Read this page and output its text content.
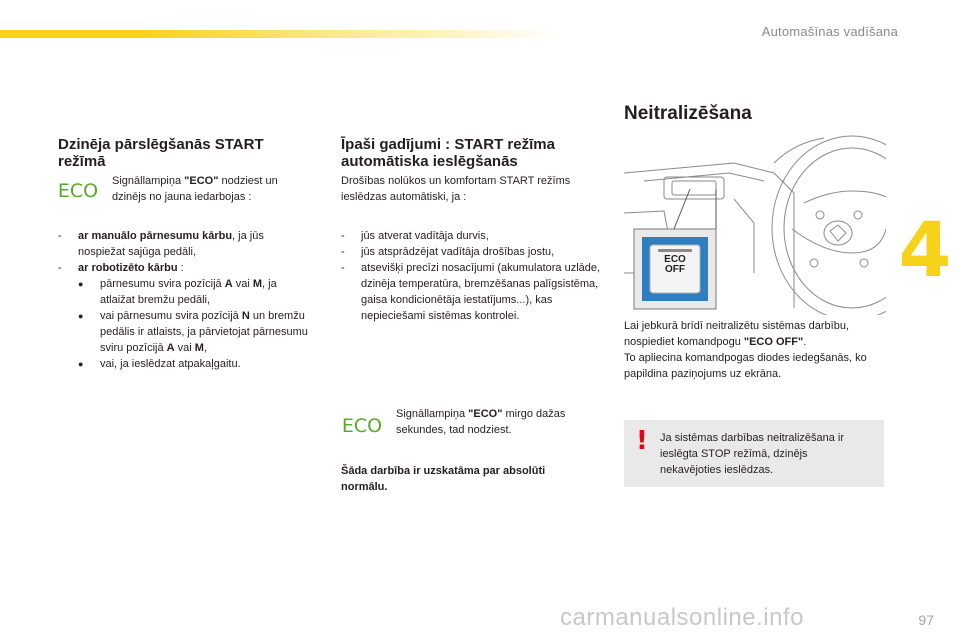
Automašīnas vadīšana
4
Dzinēja pārslēgšanās START režīmā
ECO Signāllampiņa "ECO" nodziest un dzinējs no jauna iedarbojas :
- ar manuālo pārnesumu kārbu, ja jūs nospiežat sajūga pedāli,
- ar robotizēto kārbu :
● pārnesumu svira pozīcijā A vai M, ja atlaižat bremžu pedāli,
● vai pārnesumu svira pozīcijā N un bremžu pedālis ir atlaists, ja pārvietojat pārnesumu sviru pozīcijā A vai M,
● vai, ja ieslēdzat atpakaļgaitu.
Īpaši gadījumi : START režīma automātiska ieslēgšanās
Drošības nolūkos un komfortam START režīms ieslēdzas automātiski, ja :
- jūs atverat vadītāja durvis,
- jūs atsprādzējat vadītāja drošības jostu,
- atsevišķi precīzi nosacījumi (akumulatora uzlāde, dzinēja temperatūra, bremzēšanas palīgsistēma, gaisa kondicionētāja iestatījums...), kas nepieciešami sistēmas kontrolei.
ECO
Signāllampiņa "ECO" mirgo dažas sekundes, tad nodziest.
Šāda darbība ir uzskatāma par absolūti normālu.
Neitralizēšana
ECO
OFF
Lai jebkurā brīdī neitralizētu sistēmas darbību, nospiediet komandpogu "ECO OFF".
To apliecina komandpogas diodes iedegšanās, ko papildina paziņojums uz ekrāna.
! Ja sistēmas darbības neitralizēšana ir ieslēgta STOP režīmā, dzinējs nekavējoties ieslēdzas.
carmanualsonline.info	97
